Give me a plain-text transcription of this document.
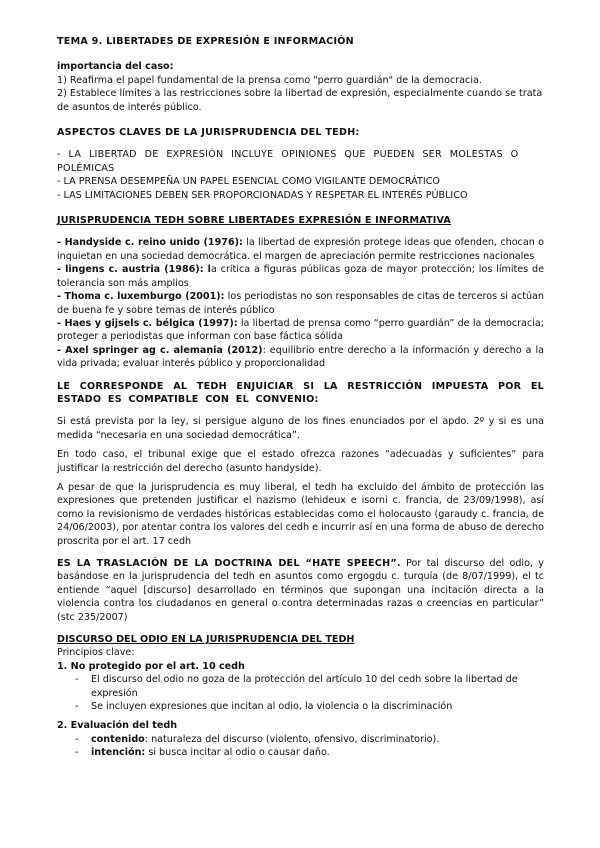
TEMA 9. LIBERTADES DE EXPRESIÓN E INFORMACIÓN

importancia del caso:

1) Reafirma el papel fundamental de la prensa como "perro guardián" de la democracia.

2) Establece límites a las restricciones sobre la libertad de expresión, especialmente cuando se trata de asuntos de interés público.

ASPECTOS CLAVES DE LA JURISPRUDENCIA DEL TEDH:

- LA LIBERTAD DE EXPRESIÓN INCLUYE OPINIONES QUE PUEDEN SER MOLESTAS O POLÉMICAS

- LA PRENSA DESEMPEÑA UN PAPEL ESENCIAL COMO VIGILANTE DEMOCRÁTICO

- LAS LIMITACIONES DEBEN SER PROPORCIONADAS Y RESPETAR EL INTERÉS PÚBLICO

JURISPRUDENCIA TEDH SOBRE LIBERTADES EXPRESIÓN E INFORMATIVA

- Handyside c. reino unido (1976): la libertad de expresión protege ideas que ofenden, chocan o inquietan en una sociedad democrática. el margen de apreciación permite restricciones nacionales

- lingens c. austria (1986): la crítica a figuras públicas goza de mayor protección; los límites de tolerancia son más amplios

- Thoma c. luxemburgo (2001): los periodistas no son responsables de citas de terceros si actúan de buena fe y sobre temas de interés público

- Haes y gijsels c. bélgica (1997): la libertad de prensa como “perro guardián” de la democracia; proteger a periodistas que informan con base fáctica sólida

- Axel springer ag c. alemania (2012): equilibrio entre derecho a la información y derecho a la vida privada; evaluar interés público y proporcionalidad

LE CORRESPONDE AL TEDH ENJUICIAR SI LA RESTRICCIÓN IMPUESTA POR EL ESTADO ES COMPATIBLE CON EL CONVENIO:

Si está prevista por la ley, si persigue alguno de los fines enunciados por el apdo. 2º y si es una medida “necesaria en una sociedad democrática”.

En todo caso, el tribunal exige que el estado ofrezca razones “adecuadas y suficientes” para justificar la restricción del derecho (asunto handyside).

A pesar de que la jurisprudencia es muy liberal, el tedh ha excluido del ámbito de protección las expresiones que pretenden justificar el nazismo (lehideux e isorni c. francia, de 23/09/1998), así como la revisionismo de verdades históricas establecidas como el holocausto (garaudy c. francia, de 24/06/2003), por atentar contra los valores del cedh e incurrir así en una forma de abuso de derecho proscrita por el art. 17 cedh

ES LA TRASLACIÓN DE LA DOCTRINA DEL “HATE SPEECH”. Por tal discurso del odio, y basándose en la jurisprudencia del tedh en asuntos como ergogdu c. turquía (de 8/07/1999), el tc entiende “aquel [discurso] desarrollado en términos que supongan una incitación directa a la violencia contra los ciudadanos en general o contra determinadas razas o creencias en particular” (stc 235/2007)

DISCURSO DEL ODIO EN LA JURISPRUDENCIA DEL TEDH

Principios clave:

1. No protegido por el art. 10 cedh

- El discurso del odio no goza de la protección del artículo 10 del cedh sobre la libertad de expresión

- Se incluyen expresiones que incitan al odio, la violencia o la discriminación

2. Evaluación del tedh

- contenido: naturaleza del discurso (violento, ofensivo, discriminatorio).

- intención: si busca incitar al odio o causar daño.
